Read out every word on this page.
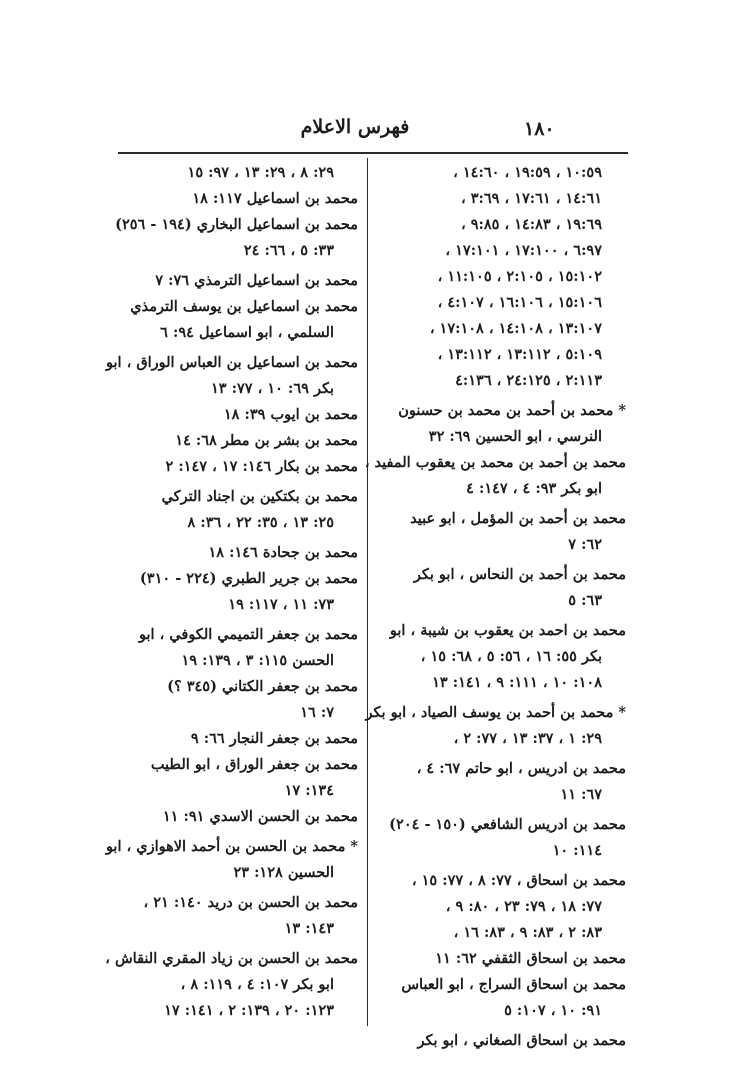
١٨٠
فهرس الاعلام
١٠:٥٩ ، ١٩:٥٩ ، ١٤:٦٠ ،
١٤:٦١ ، ١٧:٦١ ، ٣:٦٩ ،
١٩:٦٩ ، ١٤:٨٣ ، ٩:٨٥ ،
٦:٩٧ ، ١٧:١٠٠ ، ١٧:١٠١ ،
١٥:١٠٢ ، ٢:١٠٥ ، ١١:١٠٥ ،
١٥:١٠٦ ، ١٦:١٠٦ ، ٤:١٠٧ ،
١٣:١٠٧ ، ١٤:١٠٨ ، ١٧:١٠٨ ،
٥:١٠٩ ، ١٣:١١٢ ، ١٣:١١٢ ،
٢:١١٣ ، ٢٤:١٢٥ ، ٤:١٣٦
* محمد بن أحمد بن محمد بن حسنون
النرسي ، ابو الحسين ٦٩: ٣٢
محمد بن أحمد بن محمد بن يعقوب المفيد ،
ابو بكر ٩٣: ٤ ، ١٤٧: ٤
محمد بن أحمد بن المؤمل ، ابو عبيد
٦٢: ٧
محمد بن أحمد بن النحاس ، ابو بكر
٦٣: ٥
محمد بن احمد بن يعقوب بن شيبة ، ابو
بكر ٥٥: ١٦ ، ٥٦: ٥ ، ٦٨: ١٥ ،
١٠٨: ١٠ ، ١١١: ٩ ، ١٤١: ١٣
* محمد بن أحمد بن يوسف الصياد ، ابو بكر
٢٩: ١ ، ٣٧: ١٣ ، ٧٧: ٢ ،
محمد بن ادريس ، ابو حاتم ٦٧: ٤ ،
٦٧: ١١
محمد بن ادريس الشافعي (١٥٠ - ٢٠٤)
١١٤: ١٠
محمد بن اسحاق ، ٧٧: ٨ ، ٧٧: ١٥ ،
٧٧: ١٨ ، ٧٩: ٢٣ ، ٨٠: ٩ ،
٨٣: ٢ ، ٨٣: ٩ ، ٨٣: ١٦ ،
محمد بن اسحاق الثقفي ٦٢: ١١
محمد بن اسحاق السراج ، ابو العباس
٩١: ١٠ ، ١٠٧: ٥
محمد بن اسحاق الصغاني ، ابو بكر
٢٩: ٨ ، ٢٩: ١٣ ، ٩٧: ١٥
محمد بن اسماعيل ١١٧: ١٨
محمد بن اسماعيل البخاري (١٩٤ - ٢٥٦)
٣٣: ٥ ، ٦٦: ٢٤
محمد بن اسماعيل الترمذي ٧٦: ٧
محمد بن اسماعيل بن يوسف الترمذي
السلمي ، ابو اسماعيل ٩٤: ٦
محمد بن اسماعيل بن العباس الوراق ، ابو
بكر ٦٩: ١٠ ، ٧٧: ١٣
محمد بن ايوب ٣٩: ١٨
محمد بن بشر بن مطر ٦٨: ١٤
محمد بن بكار ١٤٦: ١٧ ، ١٤٧: ٢
محمد بن بكتكين بن اجناد التركي
٢٥: ١٣ ، ٣٥: ٢٢ ، ٣٦: ٨
محمد بن جحادة ١٤٦: ١٨
محمد بن جرير الطبري (٢٢٤ - ٣١٠)
٧٣: ١١ ، ١١٧: ١٩
محمد بن جعفر التميمي الكوفي ، ابو
الحسن ١١٥: ٣ ، ١٣٩: ١٩
محمد بن جعفر الكتاني (٣٤٥ ؟)
٧: ١٦
محمد بن جعفر النجار ٦٦: ٩
محمد بن جعفر الوراق ، ابو الطيب
١٣٤: ١٧
محمد بن الحسن الاسدي ٩١: ١١
* محمد بن الحسن بن أحمد الاهوازي ، ابو
الحسين ١٢٨: ٢٣
محمد بن الحسن بن دريد ١٤٠: ٢١ ،
١٤٣: ١٣
محمد بن الحسن بن زياد المقري النقاش ،
ابو بكر ١٠٧: ٤ ، ١١٩: ٨ ،
١٢٣: ٢٠ ، ١٣٩: ٢ ، ١٤١: ١٧
